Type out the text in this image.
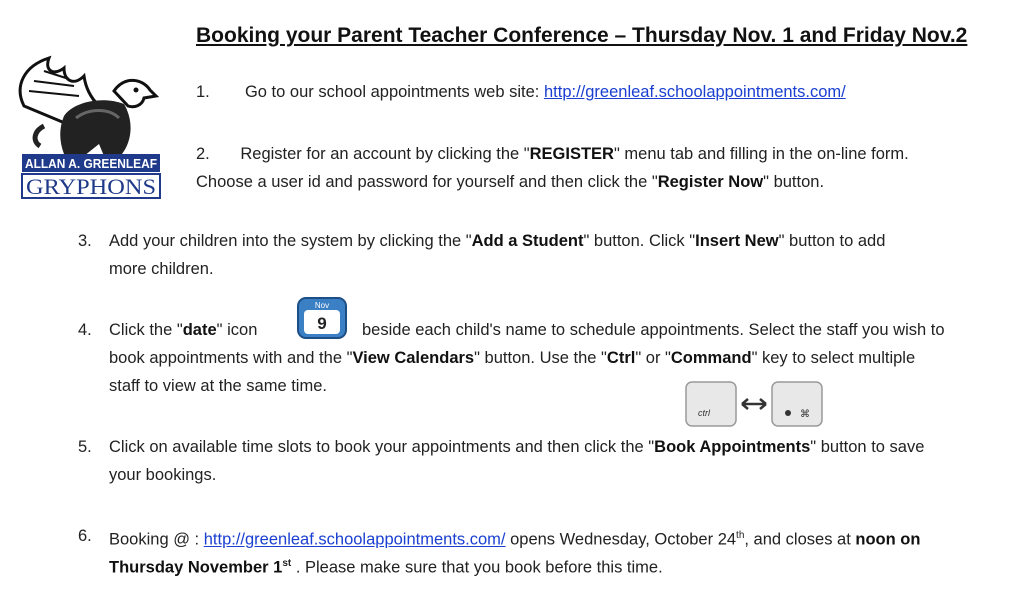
ALLAN A. GREENLEAF
GRYPHONS
Booking your Parent Teacher Conference – Thursday Nov. 1 and Friday Nov.2
1. Go to our school appointments web site: http://greenleaf.schoolappointments.com/
2. Register for an account by clicking the "REGISTER" menu tab and filling in the on-line form.
Choose a user id and password for yourself and then click the "Register Now" button.
3. Add your children into the system by clicking the "Add a Student" button. Click "Insert New" button to add
more children.
4. Click the "date" icon
Nov
9 beside each child's name to schedule appointments. Select the staff you wish to
book appointments with and the "View Calendars" button. Use the "Ctrl" or "Command" key to select multiple
staff to view at the same time.
ctrl	⌘
5. Click on available time slots to book your appointments and then click the "Book Appointments" button to save
your bookings.
6. Booking @ : http://greenleaf.schoolappointments.com/ opens Wednesday, October 24th, and closes at noon on
Thursday November 1st . Please make sure that you book before this time.
